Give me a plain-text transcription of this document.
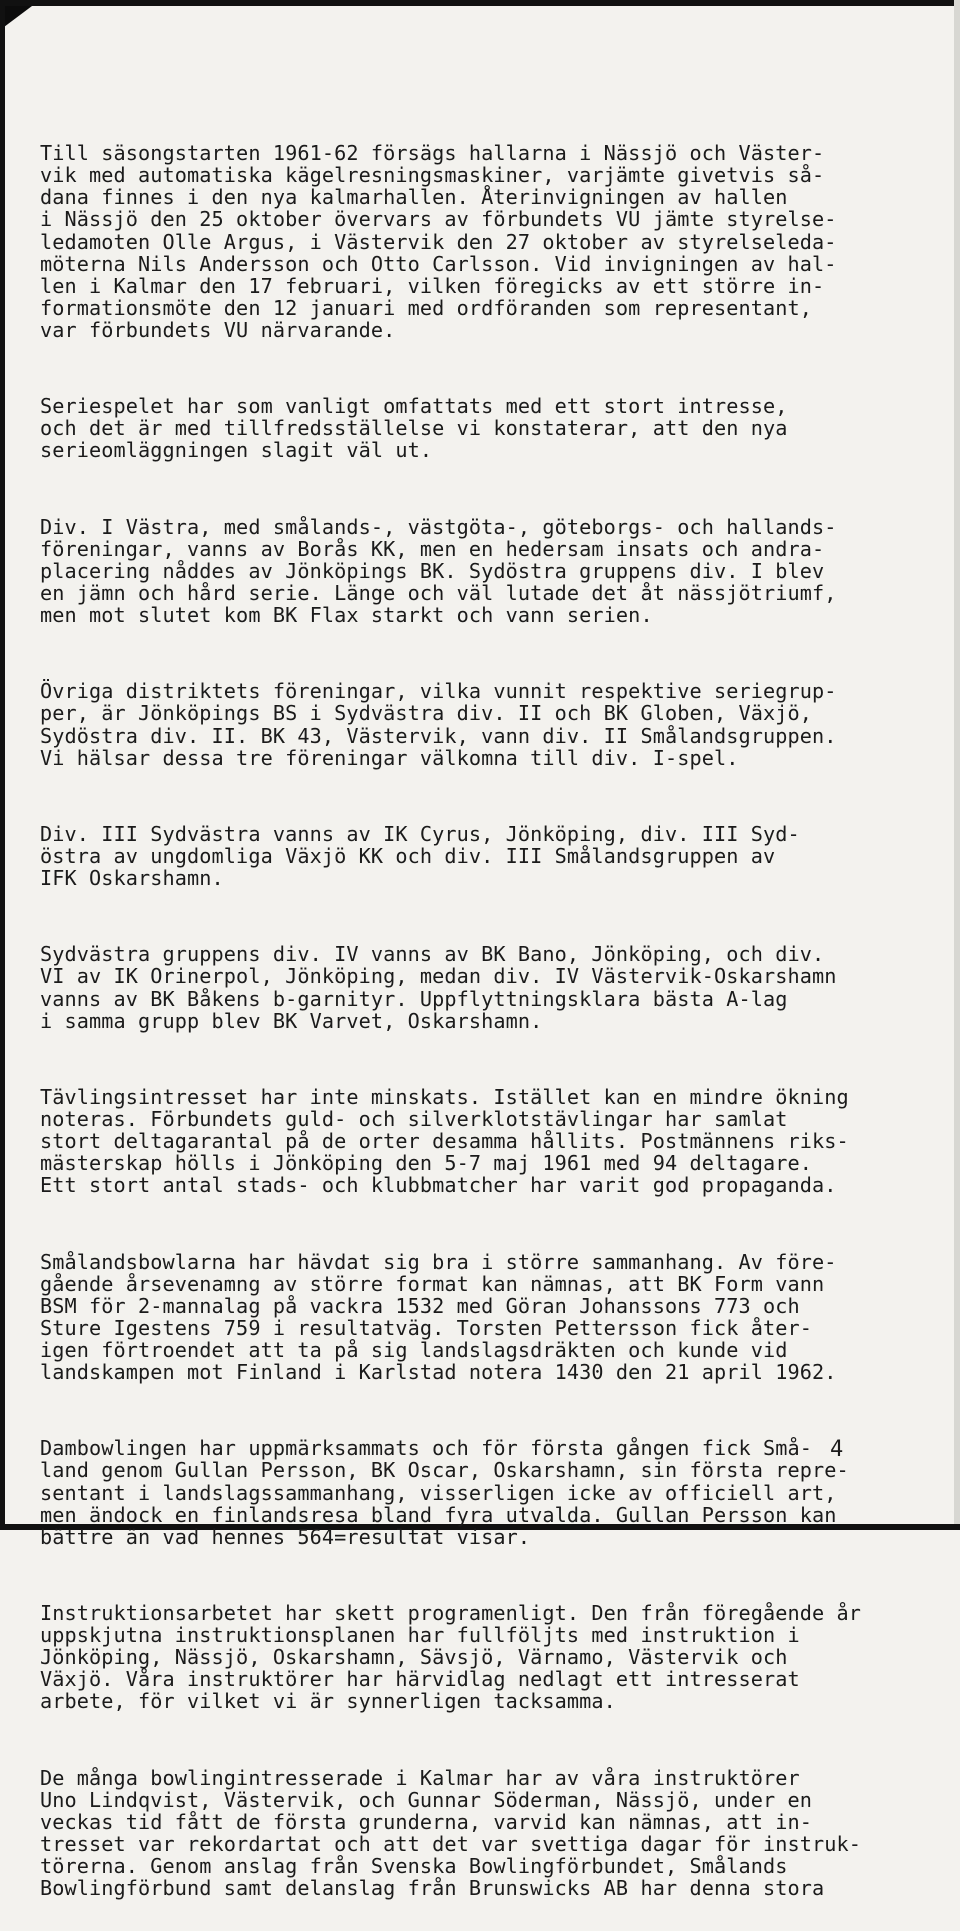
Till säsongstarten 1961-62 försägs hallarna i Nässjö och Väster-
vik med automatiska kägelresningsmaskiner, varjämte givetvis så-
dana finnes i den nya kalmarhallen. Återinvigningen av hallen
i Nässjö den 25 oktober övervars av förbundets VU jämte styrelse-
ledamoten Olle Argus, i Västervik den 27 oktober av styrelseleda-
möterna Nils Andersson och Otto Carlsson. Vid invigningen av hal-
len i Kalmar den 17 februari, vilken föregicks av ett större in-
formationsmöte den 12 januari med ordföranden som representant,
var förbundets VU närvarande.

Seriespelet har som vanligt omfattats med ett stort intresse,
och det är med tillfredsställelse vi konstaterar, att den nya
serieomläggningen slagit väl ut.

Div. I Västra, med smålands-, västgöta-, göteborgs- och hallands-
föreningar, vanns av Borås KK, men en hedersam insats och andra-
placering nåddes av Jönköpings BK. Sydöstra gruppens div. I blev
en jämn och hård serie. Länge och väl lutade det åt nässjötriumf,
men mot slutet kom BK Flax starkt och vann serien.

Övriga distriktets föreningar, vilka vunnit respektive seriegrup-
per, är Jönköpings BS i Sydvästra div. II och BK Globen, Växjö,
Sydöstra div. II. BK 43, Västervik, vann div. II Smålandsgruppen.
Vi hälsar dessa tre föreningar välkomna till div. I-spel.

Div. III Sydvästra vanns av IK Cyrus, Jönköping, div. III Syd-
östra av ungdomliga Växjö KK och div. III Smålandsgruppen av
IFK Oskarshamn.

Sydvästra gruppens div. IV vanns av BK Bano, Jönköping, och div.
VI av IK Orinerpol, Jönköping, medan div. IV Västervik-Oskarshamn
vanns av BK Båkens b-garnityr. Uppflyttningsklara bästa A-lag
i samma grupp blev BK Varvet, Oskarshamn.

Tävlingsintresset har inte minskats. Istället kan en mindre ökning
noteras. Förbundets guld- och silverklotstävlingar har samlat
stort deltagarantal på de orter desamma hållits. Postmännens riks-
mästerskap hölls i Jönköping den 5-7 maj 1961 med 94 deltagare.
Ett stort antal stads- och klubbmatcher har varit god propaganda.

Smålandsbowlarna har hävdat sig bra i större sammanhang. Av före-
gående årsevenamng av större format kan nämnas, att BK Form vann
BSM för 2-mannalag på vackra 1532 med Göran Johanssons 773 och
Sture Igestens 759 i resultatväg. Torsten Pettersson fick åter-
igen förtroendet att ta på sig landslagsdräkten och kunde vid
landskampen mot Finland i Karlstad notera 1430 den 21 april 1962.

Dambowlingen har uppmärksammats och för första gången fick Små-
land genom Gullan Persson, BK Oscar, Oskarshamn, sin första repre-
sentant i landslagssammanhang, visserligen icke av officiell art,
men ändock en finlandsresa bland fyra utvalda. Gullan Persson kan
bättre än vad hennes 564=resultat visar.

Instruktionsarbetet har skett programenligt. Den från föregående år
uppskjutna instruktionsplanen har fullföljts med instruktion i
Jönköping, Nässjö, Oskarshamn, Sävsjö, Värnamo, Västervik och
Växjö. Våra instruktörer har härvidlag nedlagt ett intresserat
arbete, för vilket vi är synnerligen tacksamma.

De många bowlingintresserade i Kalmar har av våra instruktörer
Uno Lindqvist, Västervik, och Gunnar Söderman, Nässjö, under en
veckas tid fått de första grunderna, varvid kan nämnas, att in-
tresset var rekordartat och att det var svettiga dagar för instruk-
törerna. Genom anslag från Svenska Bowlingförbundet, Smålands
Bowlingförbund samt delanslag från Brunswicks AB har denna stora

4
